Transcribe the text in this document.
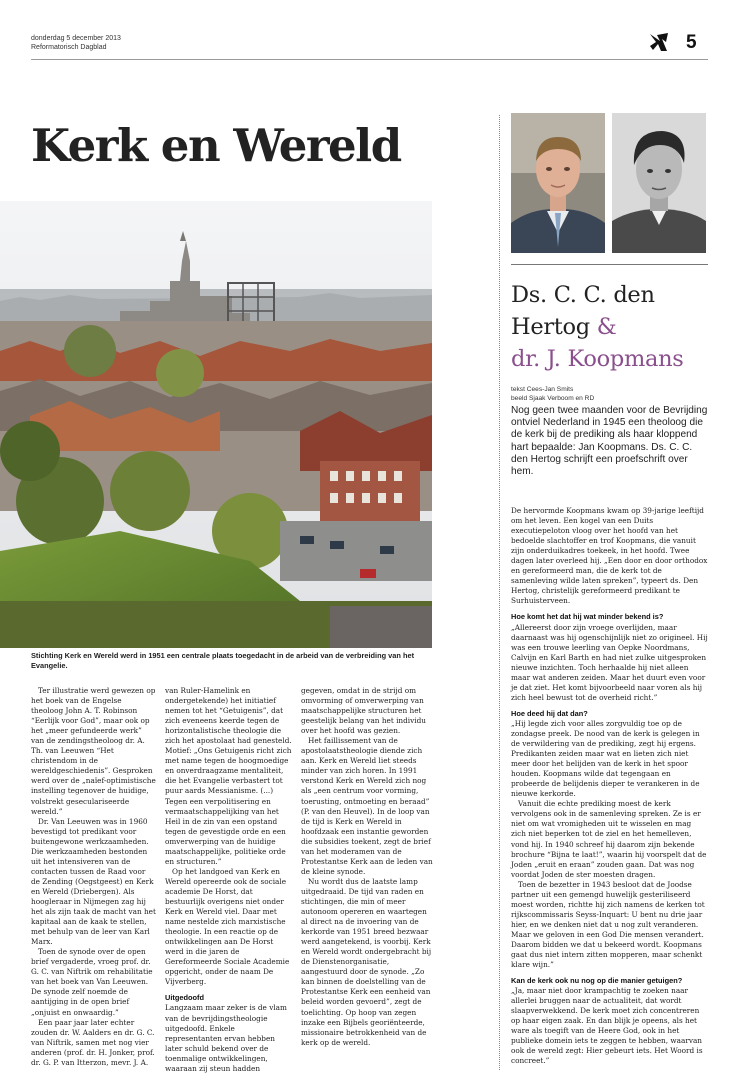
donderdag 5 december 2013
Reformatorisch Dagblad	5
Kerk en Wereld
Stichting Kerk en Wereld werd in 1951 een centrale plaats toegedacht in de arbeid van de verbreiding van het Evangelie.

Ter illustratie werd gewezen op het boek van de Engelse theoloog John A. T. Robinson “Eerlijk voor God”, maar ook op het „meer gefundeerde werk” van de zendingstheoloog dr. A. Th. van Leeuwen “Het christendom in de wereldgeschiedenis”. Gesproken werd over de „naïef-optimistische instelling tegenover de huidige, volstrekt geseculariseerde wereld.”

Dr. Van Leeuwen was in 1960 bevestigd tot predikant voor buitengewone werkzaamheden. Die werkzaamheden bestonden uit het intensiveren van de contacten tussen de Raad voor de Zending (Oegstgeest) en Kerk en Wereld (Driebergen). Als hoogleraar in Nijmegen zag hij het als zijn taak de macht van het kapitaal aan de kaak te stellen, met behulp van de leer van Karl Marx.

Toen de synode over de open brief vergaderde, vroeg prof. dr. G. C. van Niftrik om rehabilitatie van het boek van Van Leeuwen. De synode zelf noemde de aantijging in de open brief „onjuist en onwaardig.”

Een paar jaar later echter zouden dr. W. Aalders en dr. G. C. van Niftrik, samen met nog vier anderen (prof. dr. H. Jonker, prof. dr. G. P. van Itterzon, mevr. J. A.

van Ruler-Hamelink en ondergetekende) het initiatief nemen tot het “Getuigenis”, dat zich eveneens keerde tegen de horizontalistische theologie die zich het apostolaat had genesteld. Motief: „Ons Getuigenis richt zich met name tegen de hoogmoedige en onverdraagzame mentaliteit, die het Evangelie verbastert tot puur aards Messianisme. (...) Tegen een verpolitisering en vermaatschappelijking van het Heil in de zin van een opstand tegen de gevestigde orde en een omverwerping van de huidige maatschappelijke, politieke orde en structuren.”

Op het landgoed van Kerk en Wereld opereerde ook de sociale academie De Horst, dat bestuurlijk overigens niet onder Kerk en Wereld viel. Daar met name nestelde zich marxistische theologie. In een reactie op de ontwikkelingen aan De Horst werd in die jaren de Gereformeerde Sociale Academie opgericht, onder de naam De Vijverberg.

Uitgedoofd

Langzaam maar zeker is de vlam van de bevrijdingstheologie uitgedoofd. Enkele representanten ervan hebben later schuld bekend over de toenmalige ontwikkelingen, waaraan zij steun hadden

gegeven, omdat in de strijd om omvorming of omverwerping van maatschappelijke structuren het geestelijk belang van het individu over het hoofd was gezien.

Het faillissement van de apostolaatstheologie diende zich aan. Kerk en Wereld liet steeds minder van zich horen. In 1991 verstond Kerk en Wereld zich nog als „een centrum voor vorming, toerusting, ontmoeting en beraad” (P. van den Heuvel). In de loop van de tijd is Kerk en Wereld in hoofdzaak een instantie geworden die subsidies toekent, zegt de brief van het moderamen van de Protestantse Kerk aan de leden van de kleine synode.

Nu wordt dus de laatste lamp uitgedraaid. De tijd van raden en stichtingen, die min of meer autonoom opereren en waartegen al direct na de invoering van de kerkorde van 1951 breed bezwaar werd aangetekend, is voorbij. Kerk en Wereld wordt ondergebracht bij de Dienstenorganisatie, aangestuurd door de synode. „Zo kan binnen de doelstelling van de Protestantse Kerk een eenheid van beleid worden gevoerd”, zegt de toelichting. Op hoop van zegen inzake een Bijbels georiënteerde, missionaire betrokkenheid van de kerk op de wereld.

Ds. C. C. den
Hertog &
dr. J. Koopmans
tekst Cees-Jan Smits
beeld Sjaak Verboom en RD
Nog geen twee maanden voor de Bevrijding ontviel Nederland in 1945 een theoloog die de kerk bij de prediking als haar kloppend hart bepaalde: Jan Koopmans. Ds. C. C. den Hertog schrijft een proefschrift over hem.

De hervormde Koopmans kwam op 39-jarige leeftijd om het leven. Een kogel van een Duits executiepeloton vloog over het hoofd van het bedoelde slachtoffer en trof Koopmans, die vanuit zijn onderduikadres toekeek, in het hoofd. Twee dagen later overleed hij. „Een door en door orthodox en gereformeerd man, die de kerk tot de samenleving wilde laten spreken”, typeert ds. Den Hertog, christelijk gereformeerd predikant te Surhuisterveen.

Hoe komt het dat hij wat minder bekend is?

„Allereerst door zijn vroege overlijden, maar daarnaast was hij ogenschijnlijk niet zo origineel. Hij was een trouwe leerling van Oepke Noordmans, Calvijn en Karl Barth en had niet zulke uitgesproken nieuwe inzichten. Toch herhaalde hij niet alleen maar wat anderen zeiden. Maar het duurt even voor je dat ziet. Het komt bijvoorbeeld naar voren als hij zich heel bewust tot de overheid richt.”

Hoe deed hij dat dan?

„Hij legde zich voor alles zorgvuldig toe op de zondagse preek. De nood van de kerk is gelegen in de verwildering van de prediking, zegt hij ergens. Predikanten zeiden maar wat en lieten zich niet meer door het belijden van de kerk in het spoor houden. Koopmans wilde dat tegengaan en probeerde de belijdenis dieper te verankeren in de nieuwe kerkorde.

Vanuit die echte prediking moest de kerk vervolgens ook in de samenleving spreken. Ze is er niet om wat vromigheden uit te wisselen en mag zich niet beperken tot de ziel en het hemelleven, vond hij. In 1940 schreef hij daarom zijn bekende brochure “Bijna te laat!”, waarin hij voorspelt dat de Joden „eruit en eraan” zouden gaan. Dat was nog voordat Joden de ster moesten dragen.

Toen de bezetter in 1943 besloot dat de Joodse partner uit een gemengd huwelijk gesteriliseerd moest worden, richtte hij zich namens de kerken tot rijkscommissaris Seyss-Inquart: U bent nu drie jaar hier, en we denken niet dat u nog zult veranderen. Maar we geloven in een God Die mensen verandert. Daarom bidden we dat u bekeerd wordt. Koopmans gaat dus niet intern zitten mopperen, maar schenkt klare wijn.”

Kan de kerk ook nu nog op die manier getuigen?

„Ja, maar niet door krampachtig te zoeken naar allerlei bruggen naar de actualiteit, dat wordt slaapverwekkend. De kerk moet zich concentreren op haar eigen zaak. En dan blijk je opeens, als het ware als toegift van de Heere God, ook in het publieke domein iets te zeggen te hebben, waarvan ook de wereld zegt: Hier gebeurt iets. Het Woord is concreet.”
